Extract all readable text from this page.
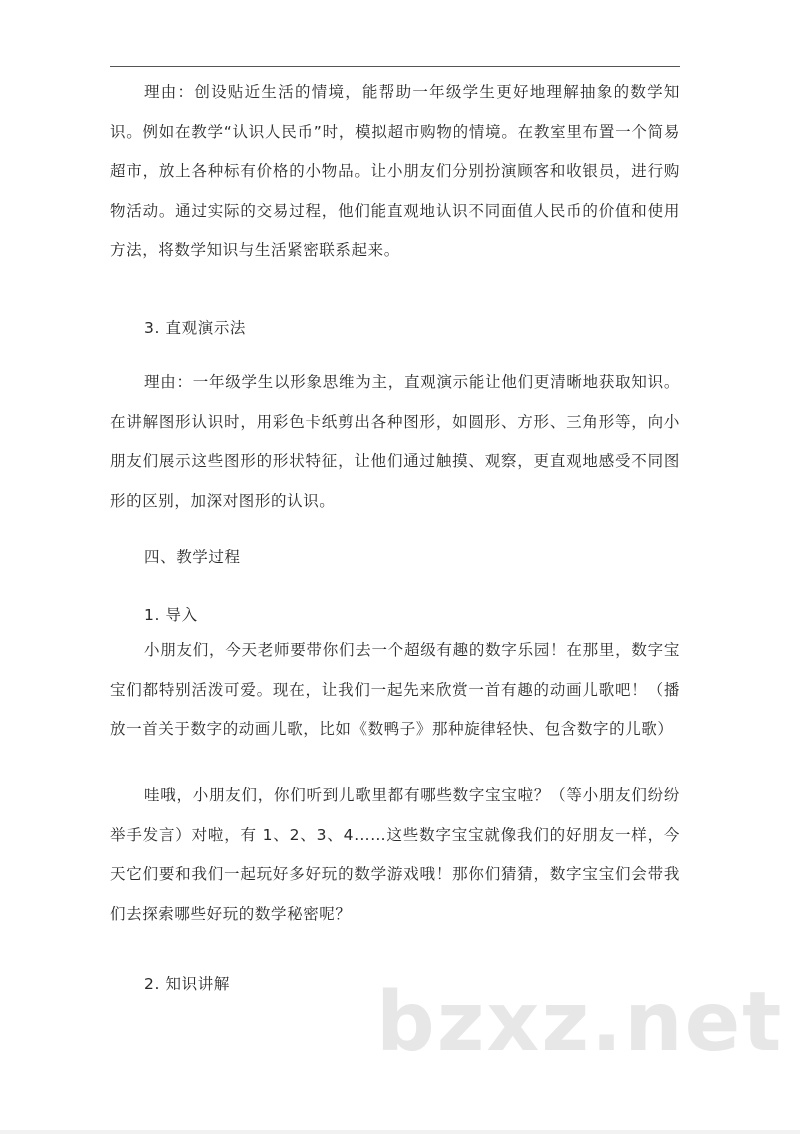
理由：创设贴近生活的情境，能帮助一年级学生更好地理解抽象的数学知识。例如在教学“认识人民币”时，模拟超市购物的情境。在教室里布置一个简易超市，放上各种标有价格的小物品。让小朋友们分别扮演顾客和收银员，进行购物活动。通过实际的交易过程，他们能直观地认识不同面值人民币的价值和使用方法，将数学知识与生活紧密联系起来。

3. 直观演示法

理由：一年级学生以形象思维为主，直观演示能让他们更清晰地获取知识。在讲解图形认识时，用彩色卡纸剪出各种图形，如圆形、方形、三角形等，向小朋友们展示这些图形的形状特征，让他们通过触摸、观察，更直观地感受不同图形的区别，加深对图形的认识。

四、教学过程

1. 导入

小朋友们，今天老师要带你们去一个超级有趣的数字乐园！在那里，数字宝宝们都特别活泼可爱。现在，让我们一起先来欣赏一首有趣的动画儿歌吧！（播放一首关于数字的动画儿歌，比如《数鸭子》那种旋律轻快、包含数字的儿歌）

哇哦，小朋友们，你们听到儿歌里都有哪些数字宝宝啦？（等小朋友们纷纷举手发言）对啦，有 1、2、3、4……这些数字宝宝就像我们的好朋友一样，今天它们要和我们一起玩好多好玩的数学游戏哦！那你们猜猜，数字宝宝们会带我们去探索哪些好玩的数学秘密呢？

2. 知识讲解 bzxz.net
